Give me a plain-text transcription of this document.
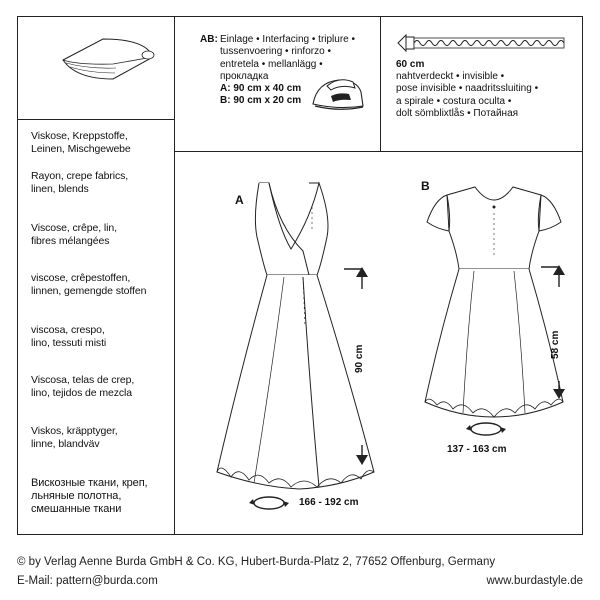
Viskose, Kreppstoffe,
Leinen, Mischgewebe
Rayon, crepe fabrics,
linen, blends
Viscose, crêpe, lin,
fibres mélangées
viscose, crêpestoffen,
linnen, gemengde stoffen
viscosa, crespo,
lino, tessuti misti
Viscosa, telas de crep,
lino, tejidos de mezcla
Viskos, kräpptyger,
linne, blandväv
Вискозные ткани, креп,
льняные полотна,
смешанные ткани
AB: Einlage • Interfacing • triplure •
tussenvoering • rinforzo •
entretela • mellanlägg •
прокладка
A: 90 cm x 40 cm
B: 90 cm x 20 cm
60 cm
nahtverdeckt • invisible •
pose invisible • naadritssluiting •
a spirale • costura oculta •
dolt sömblixtlås • Потайная
A
90 cm
166 - 192 cm
B
58 cm
137 - 163 cm
© by Verlag Aenne Burda GmbH & Co. KG, Hubert-Burda-Platz 2, 77652 Offenburg, Germany
E-Mail: pattern@burda.com	www.burdastyle.de
